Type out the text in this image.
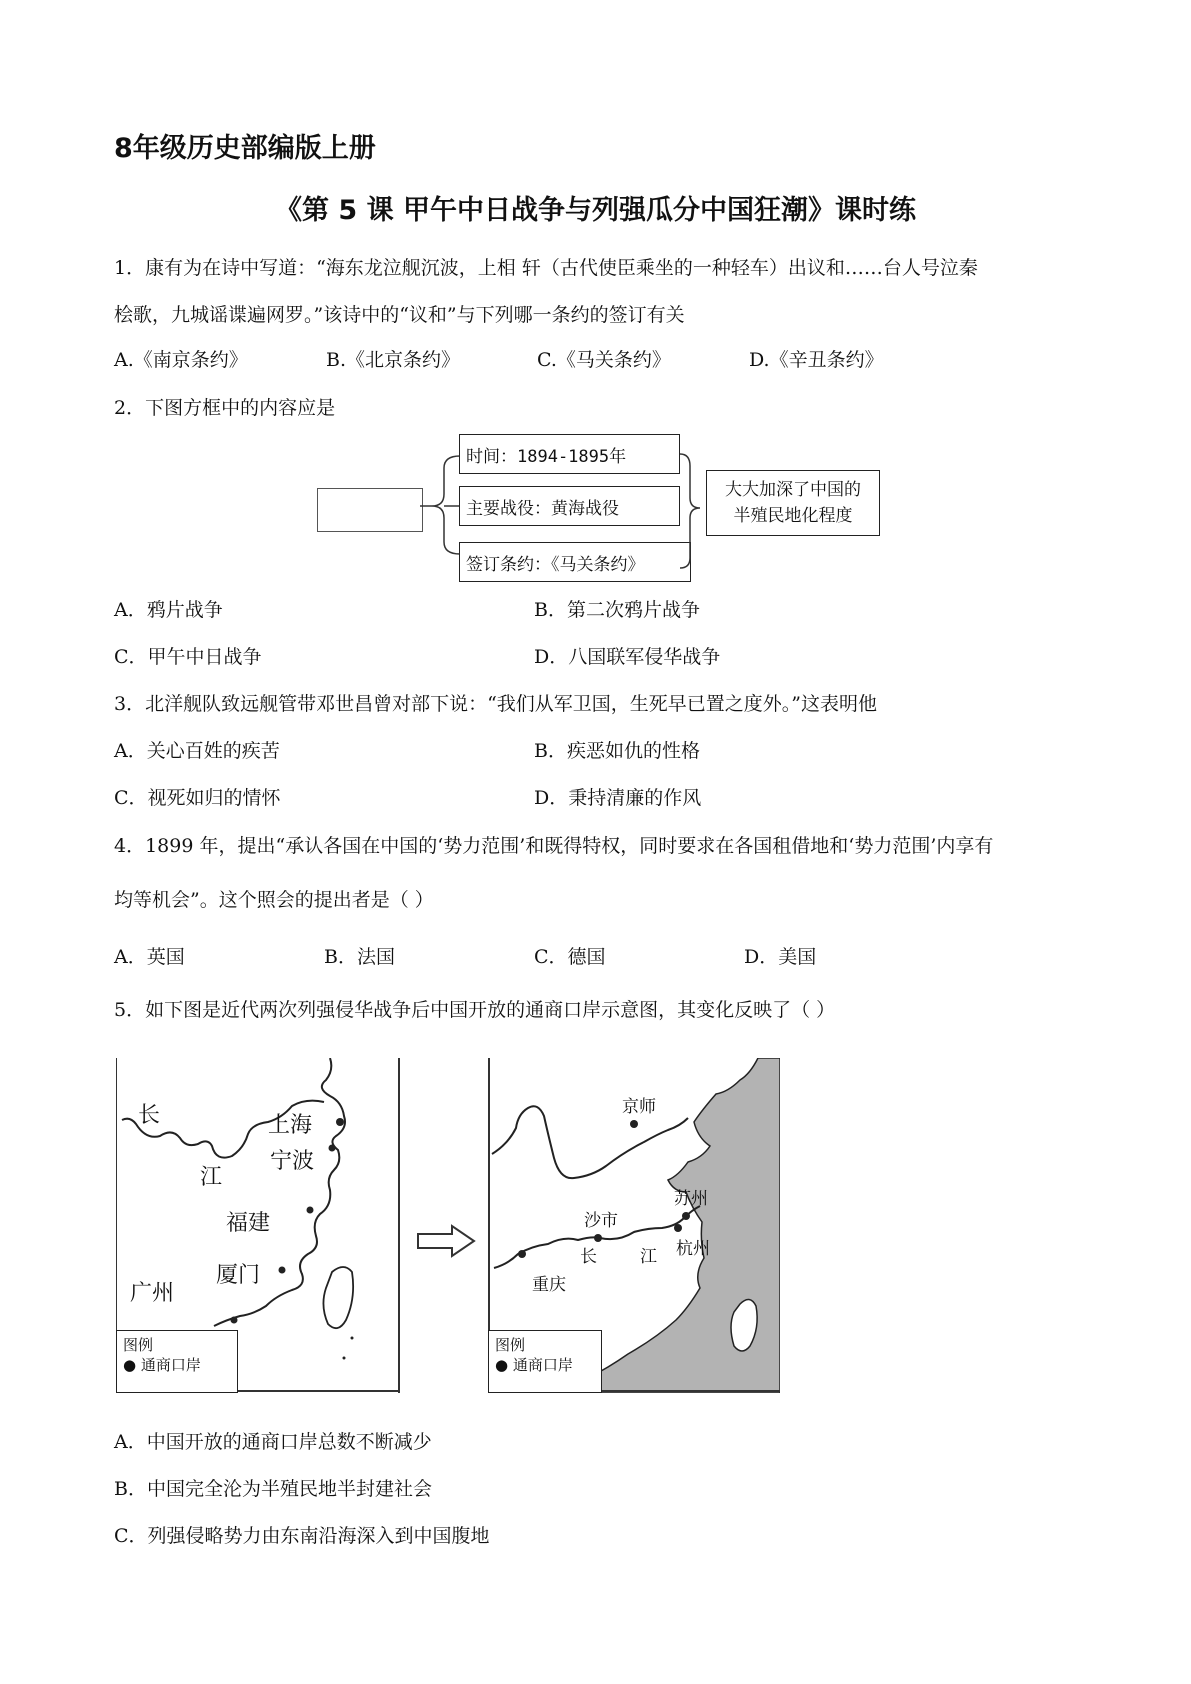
8年级历史部编版上册
《第 5 课 甲午中日战争与列强瓜分中国狂潮》课时练
1．康有为在诗中写道：“海东龙泣舰沉波，上相 轩（古代使臣乘坐的一种轻车）出议和……台人号泣秦
桧歌，九城谣谍遍网罗。”该诗中的“议和”与下列哪一条约的签订有关
A.《南京条约》	B.《北京条约》	C.《马关条约》	D.《辛丑条约》
2．下图方框中的内容应是
时间：1894-1895年
主要战役：黄海战役
签订条约：《马关条约》
大大加深了中国的
半殖民地化程度
A．鸦片战争	B．第二次鸦片战争
C．甲午中日战争	D．八国联军侵华战争
3．北洋舰队致远舰管带邓世昌曾对部下说：“我们从军卫国，生死早已置之度外。”这表明他
A．关心百姓的疾苦	B．疾恶如仇的性格
C．视死如归的情怀	D．秉持清廉的作风
4．1899 年，提出“承认各国在中国的‘势力范围’和既得特权，同时要求在各国租借地和‘势力范围’内享有
均等机会”。这个照会的提出者是（ ）
A．英国	B．法国	C．德国	D．美国
5．如下图是近代两次列强侵华战争后中国开放的通商口岸示意图，其变化反映了（ ）
长
江
上海
宁波
福建
厦门
广州
图例
● 通商口岸
京师
苏州
沙市
长	江 杭州
重庆
图例
● 通商口岸
A．中国开放的通商口岸总数不断减少
B．中国完全沦为半殖民地半封建社会
C．列强侵略势力由东南沿海深入到中国腹地
